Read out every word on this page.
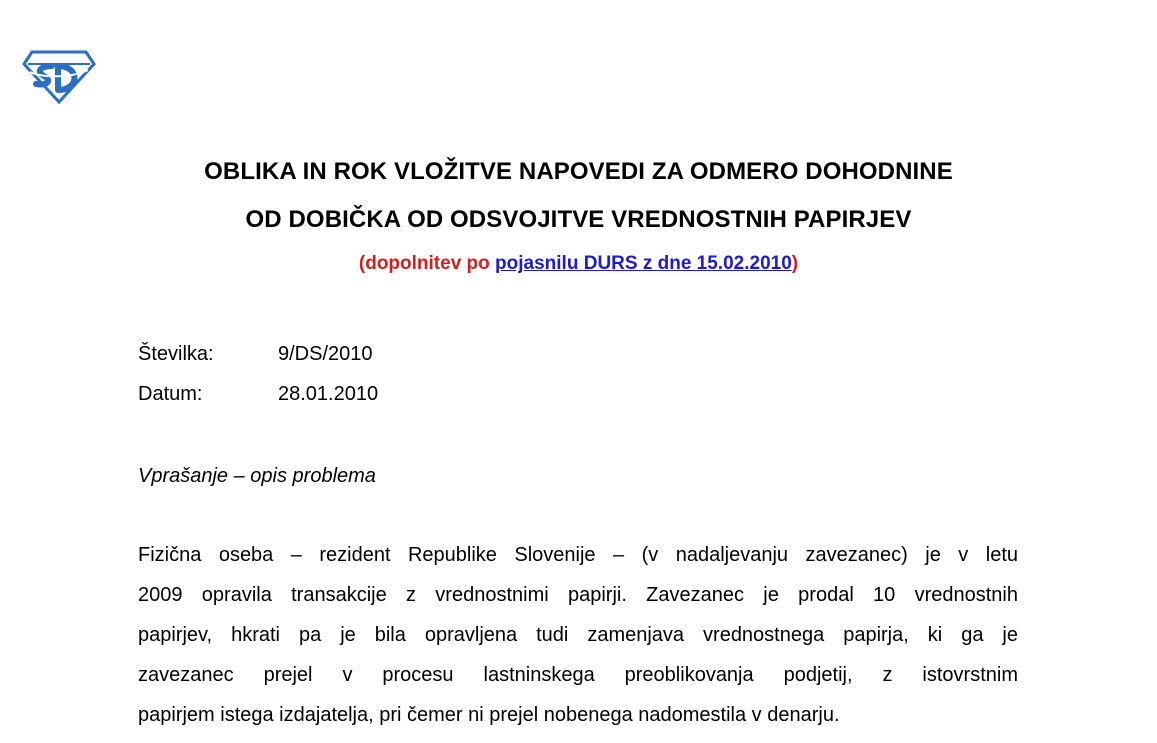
OBLIKA IN ROK VLOŽITVE NAPOVEDI ZA ODMERO DOHODNINE
OD DOBIČKA OD ODSVOJITVE VREDNOSTNIH PAPIRJEV
(dopolnitev po pojasnilu DURS z dne 15.02.2010)
Številka:	9/DS/2010
Datum:	28.01.2010
Vprašanje – opis problema
Fizična oseba – rezident Republike Slovenije – (v nadaljevanju zavezanec) je v letu
2009 opravila transakcije z vrednostnimi papirji. Zavezanec je prodal 10 vrednostnih
papirjev, hkrati pa je bila opravljena tudi zamenjava vrednostnega papirja, ki ga je
zavezanec prejel v procesu lastninskega preoblikovanja podjetij, z istovrstnim
papirjem istega izdajatelja, pri čemer ni prejel nobenega nadomestila v denarju.
